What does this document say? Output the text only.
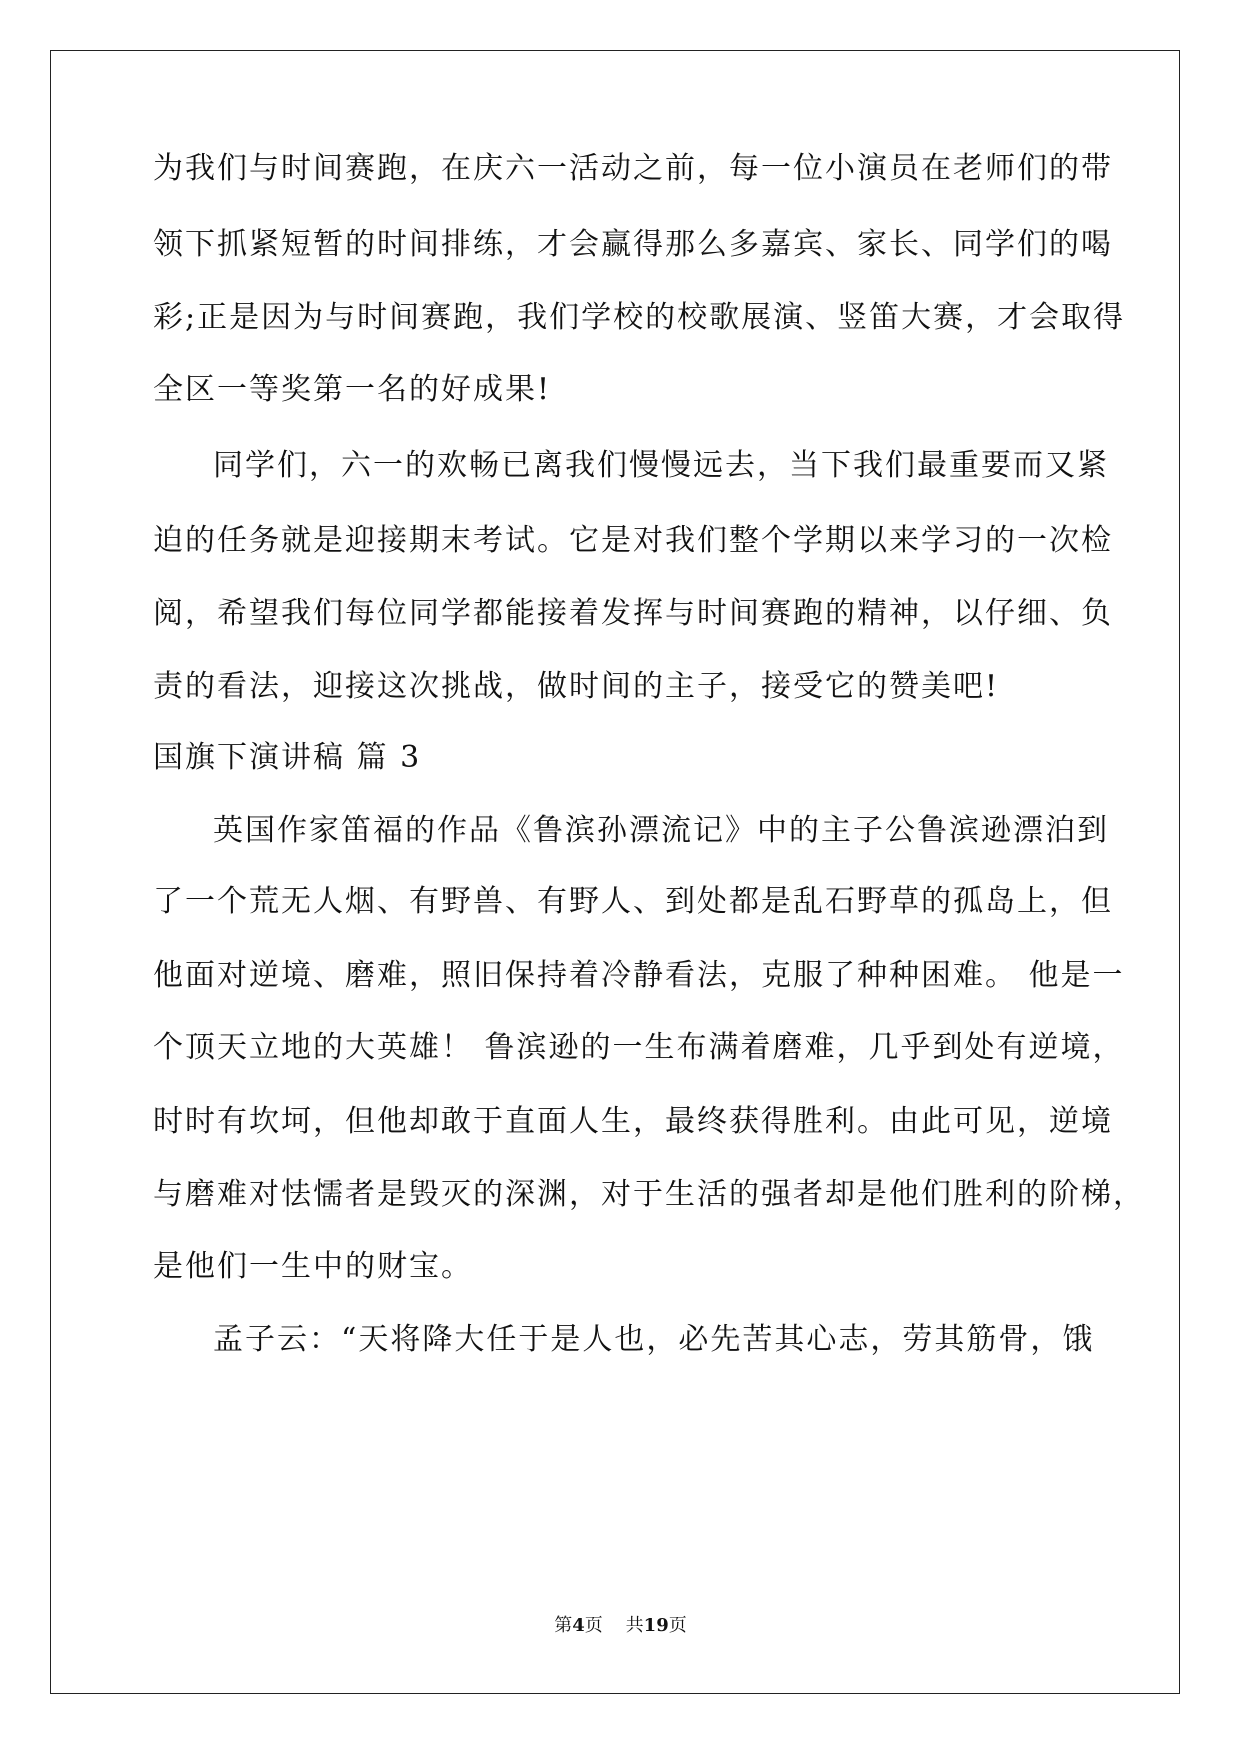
为我们与时间赛跑，在庆六一活动之前，每一位小演员在老师们的带
领下抓紧短暂的时间排练，才会赢得那么多嘉宾、家长、同学们的喝
彩;正是因为与时间赛跑，我们学校的校歌展演、竖笛大赛，才会取得
全区一等奖第一名的好成果!
同学们，六一的欢畅已离我们慢慢远去，当下我们最重要而又紧
迫的任务就是迎接期末考试。它是对我们整个学期以来学习的一次检
阅，希望我们每位同学都能接着发挥与时间赛跑的精神，以仔细、负
责的看法，迎接这次挑战，做时间的主子，接受它的赞美吧!
国旗下演讲稿 篇 3
英国作家笛福的作品《鲁滨孙漂流记》中的主子公鲁滨逊漂泊到
了一个荒无人烟、有野兽、有野人、到处都是乱石野草的孤岛上，但
他面对逆境、磨难，照旧保持着冷静看法，克服了种种困难。 他是一
个顶天立地的大英雄！ 鲁滨逊的一生布满着磨难，几乎到处有逆境，
时时有坎坷，但他却敢于直面人生，最终获得胜利。由此可见，逆境
与磨难对怯懦者是毁灭的深渊，对于生活的强者却是他们胜利的阶梯，
是他们一生中的财宝。
孟子云：“天将降大任于是人也，必先苦其心志，劳其筋骨，饿
第4页 共19页
